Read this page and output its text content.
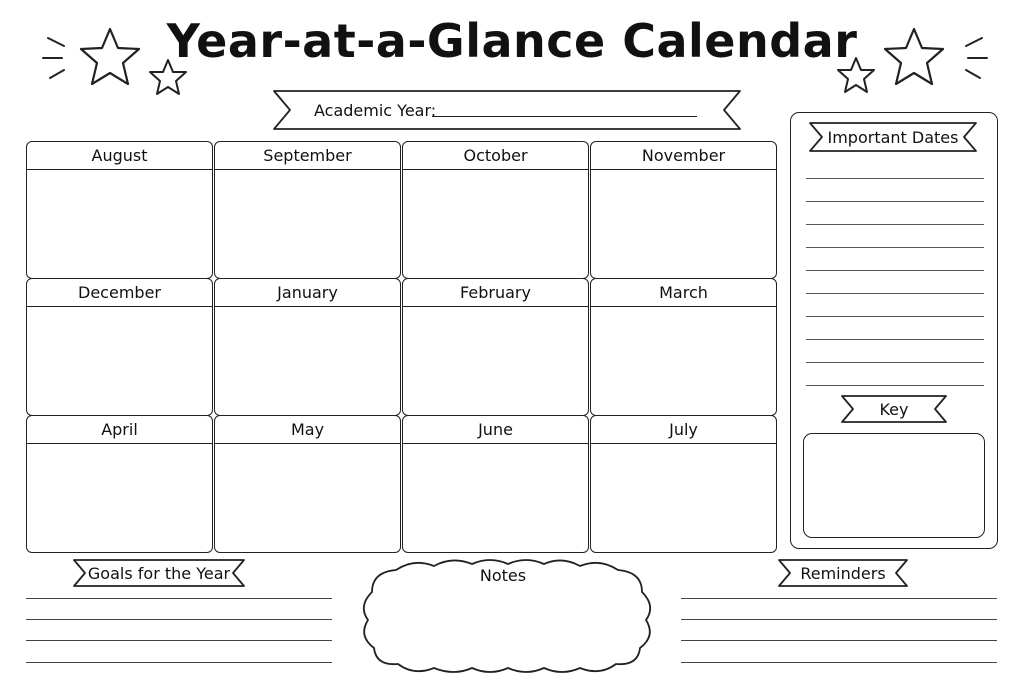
Year-at-a-Glance Calendar
Academic Year:
August	September	October	November
December	January	February	March
April	May	June	July
Important Dates
Key
Goals for the Year	Notes	Reminders
